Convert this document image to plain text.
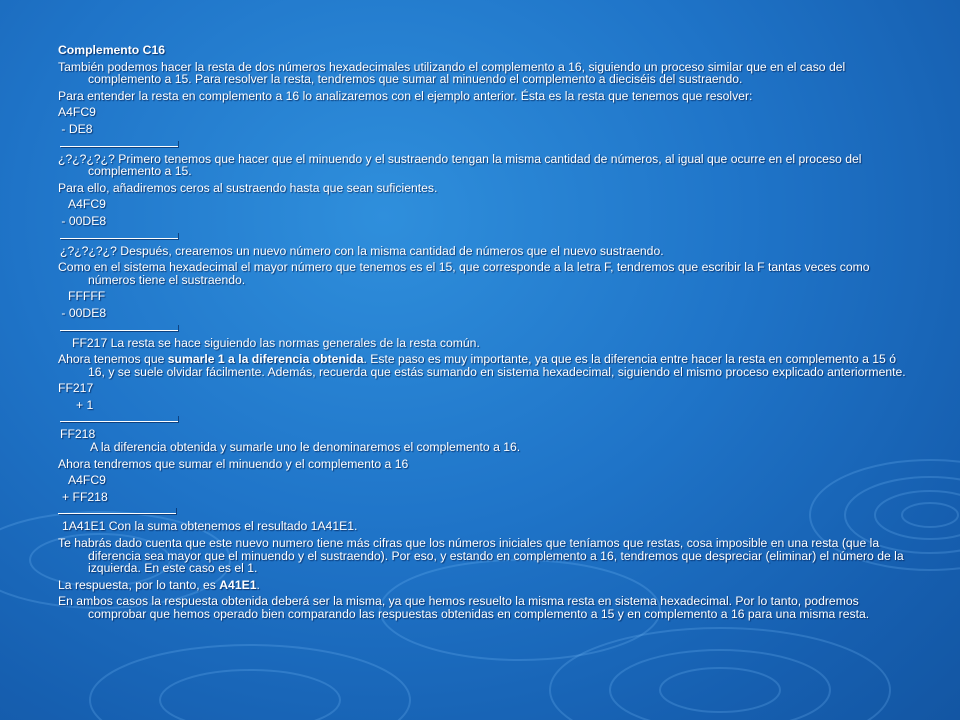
Complemento C16
También podemos hacer la resta de dos números hexadecimales utilizando el complemento a 16, siguiendo un proceso similar que en el caso del complemento a 15. Para resolver la resta, tendremos que sumar al minuendo el complemento a dieciséis del sustraendo.
Para entender la resta en complemento a 16 lo analizaremos con el ejemplo anterior. Ésta es la resta que tenemos que resolver:
A4FC9
- DE8
¿?¿?¿?¿? Primero tenemos que hacer que el minuendo y el sustraendo tengan la misma cantidad de números, al igual que ocurre en el proceso del complemento a 15.
Para ello, añadiremos ceros al sustraendo hasta que sean suficientes.
A4FC9
- 00DE8
¿?¿?¿?¿? Después, crearemos un nuevo número con la misma cantidad de números que el nuevo sustraendo.
Como en el sistema hexadecimal el mayor número que tenemos es el 15, que corresponde a la letra F, tendremos que escribir la F tantas veces como números tiene el sustraendo.
FFFFF
- 00DE8
FF217 La resta se hace siguiendo las normas generales de la resta común.
Ahora tenemos que sumarle 1 a la diferencia obtenida. Este paso es muy importante, ya que es la diferencia entre hacer la resta en complemento a 15 ó 16, y se suele olvidar fácilmente. Además, recuerda que estás sumando en sistema hexadecimal, siguiendo el mismo proceso explicado anteriormente.
FF217
+ 1
FF218

A la diferencia obtenida y sumarle uno le denominaremos el complemento a 16.
Ahora tendremos que sumar el minuendo y el complemento a 16
A4FC9
+ FF218
1A41E1 Con la suma obtenemos el resultado 1A41E1.
Te habrás dado cuenta que este nuevo numero tiene más cifras que los números iniciales que teníamos que restas, cosa imposible en una resta (que la diferencia sea mayor que el minuendo y el sustraendo). Por eso, y estando en complemento a 16, tendremos que despreciar (eliminar) el número de la izquierda. En este caso es el 1.
La respuesta, por lo tanto, es A41E1.
En ambos casos la respuesta obtenida deberá ser la misma, ya que hemos resuelto la misma resta en sistema hexadecimal. Por lo tanto, podremos comprobar que hemos operado bien comparando las respuestas obtenidas en complemento a 15 y en complemento a 16 para una misma resta.
